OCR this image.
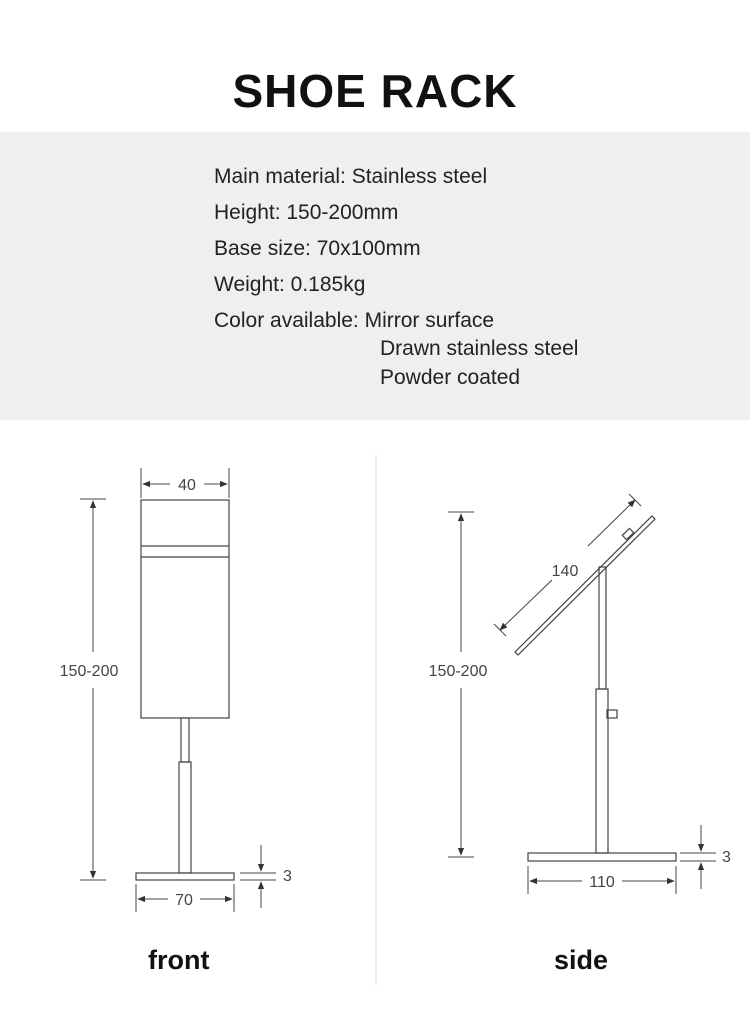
SHOE RACK
Main material: Stainless steel
Height: 150-200mm
Base size: 70x100mm
Weight: 0.185kg
Color available: Mirror surface
Drawn stainless steel
Powder coated
40
150-200
70
3
140
150-200
110
3
front	side
